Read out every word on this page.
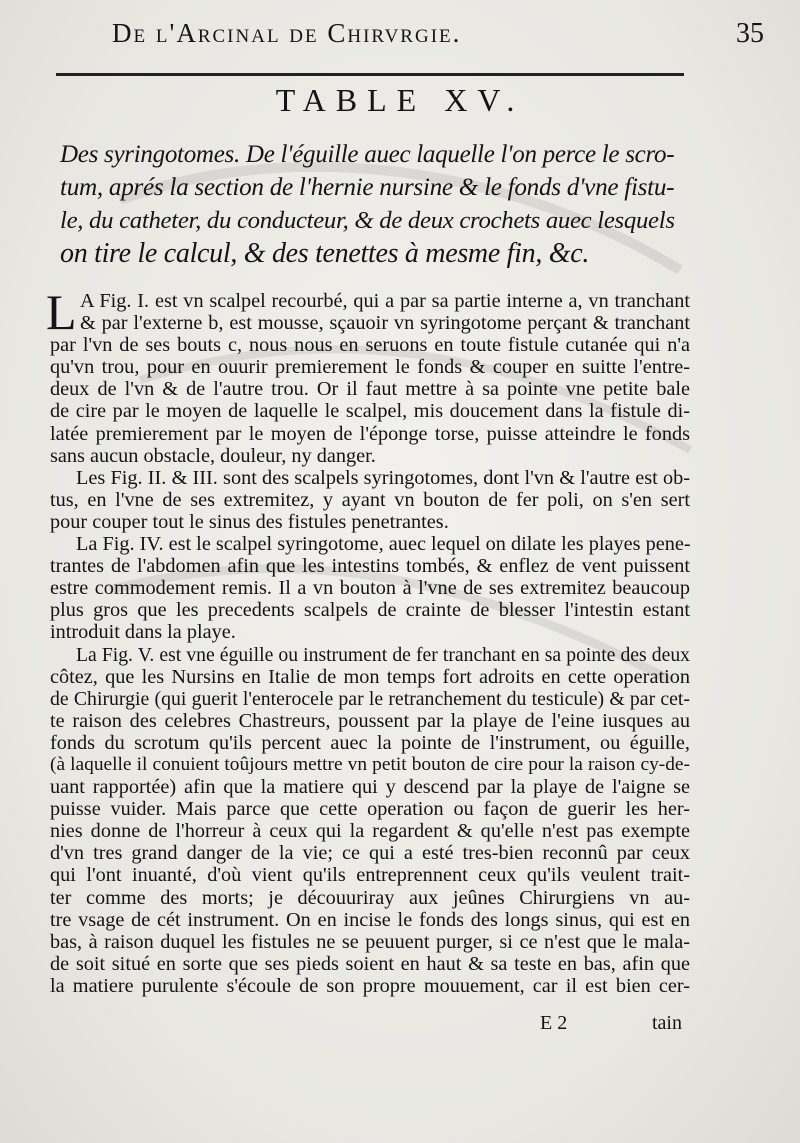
De l'Arcinal de Chirvrgie.	35
TABLE XV.
Des syringotomes. De l'éguille auec laquelle l'on perce le scro-
tum, aprés la section de l'hernie nursine & le fonds d'vne fistu-
le, du catheter, du conducteur, & de deux crochets auec lesquels
on tire le calcul, & des tenettes à mesme fin, &c.
L A Fig. I. est vn scalpel recourbé, qui a par sa partie interne a, vn tranchant
& par l'externe b, est mousse, sçauoir vn syringotome perçant & tranchant
par l'vn de ses bouts c, nous nous en seruons en toute fistule cutanée qui n'a
qu'vn trou, pour en ouurir premierement le fonds & couper en suitte l'entre-
deux de l'vn & de l'autre trou. Or il faut mettre à sa pointe vne petite bale
de cire par le moyen de laquelle le scalpel, mis doucement dans la fistule di-
latée premierement par le moyen de l'éponge torse, puisse atteindre le fonds
sans aucun obstacle, douleur, ny danger.
Les Fig. II. & III. sont des scalpels syringotomes, dont l'vn & l'autre est ob-
tus, en l'vne de ses extremitez, y ayant vn bouton de fer poli, on s'en sert
pour couper tout le sinus des fistules penetrantes.
La Fig. IV. est le scalpel syringotome, auec lequel on dilate les playes pene-
trantes de l'abdomen afin que les intestins tombés, & enflez de vent puissent
estre commodement remis. Il a vn bouton à l'vne de ses extremitez beaucoup
plus gros que les precedents scalpels de crainte de blesser l'intestin estant
introduit dans la playe.
La Fig. V. est vne éguille ou instrument de fer tranchant en sa pointe des deux
côtez, que les Nursins en Italie de mon temps fort adroits en cette operation
de Chirurgie (qui guerit l'enterocele par le retranchement du testicule) & par cet-
te raison des celebres Chastreurs, poussent par la playe de l'eine iusques au
fonds du scrotum qu'ils percent auec la pointe de l'instrument, ou éguille,
(à laquelle il conuient toûjours mettre vn petit bouton de cire pour la raison cy-de-
uant rapportée) afin que la matiere qui y descend par la playe de l'aigne se
puisse vuider. Mais parce que cette operation ou façon de guerir les her-
nies donne de l'horreur à ceux qui la regardent & qu'elle n'est pas exempte
d'vn tres grand danger de la vie; ce qui a esté tres-bien reconnû par ceux
qui l'ont inuanté, d'où vient qu'ils entreprennent ceux qu'ils veulent trait-
ter comme des morts; je découuriray aux jeûnes Chirurgiens vn au-
tre vsage de cét instrument. On en incise le fonds des longs sinus, qui est en
bas, à raison duquel les fistules ne se peuuent purger, si ce n'est que le mala-
de soit situé en sorte que ses pieds soient en haut & sa teste en bas, afin que
la matiere purulente s'écoule de son propre mouuement, car il est bien cer-
E 2	tain
